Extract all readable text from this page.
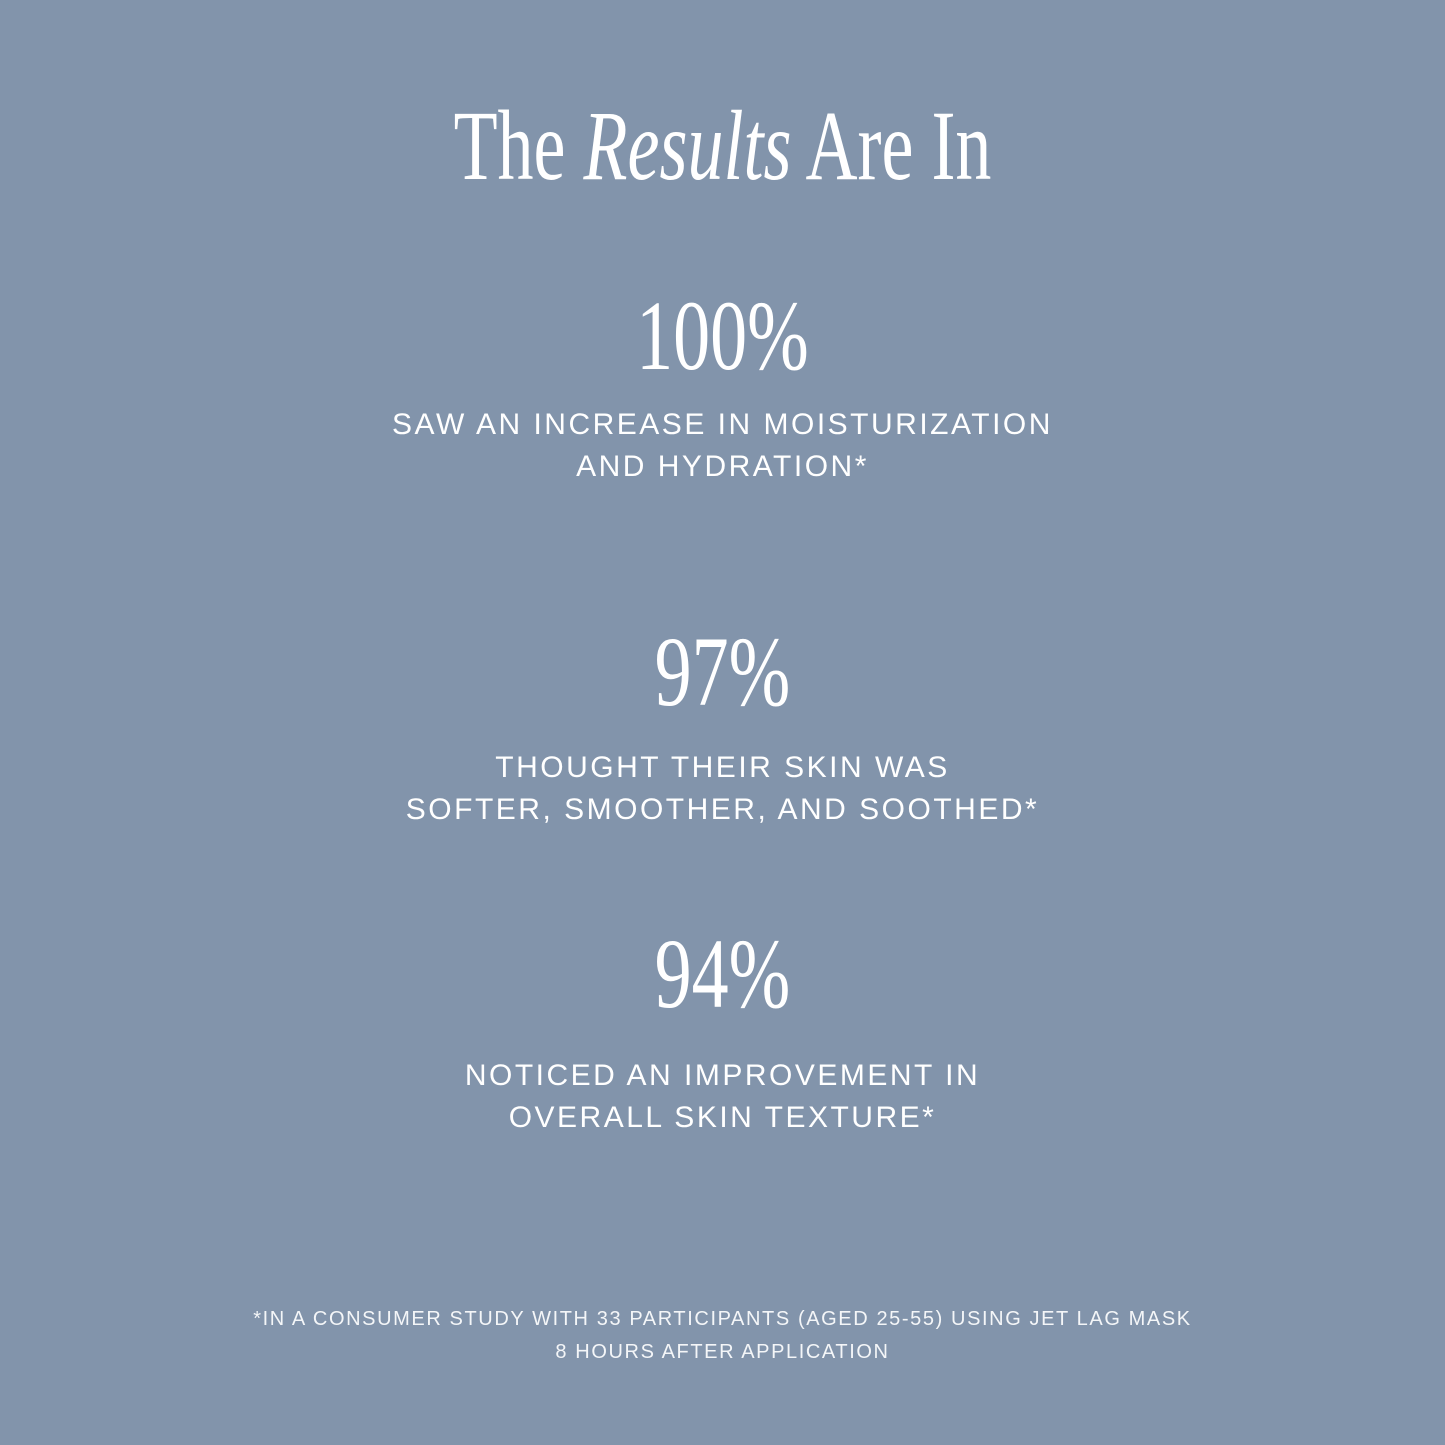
The Results Are In
100%

SAW AN INCREASE IN MOISTURIZATION
AND HYDRATION*

97%

THOUGHT THEIR SKIN WAS
SOFTER, SMOOTHER, AND SOOTHED*

94%

NOTICED AN IMPROVEMENT IN
OVERALL SKIN TEXTURE*

*IN A CONSUMER STUDY WITH 33 PARTICIPANTS (AGED 25-55) USING JET LAG MASK
8 HOURS AFTER APPLICATION
